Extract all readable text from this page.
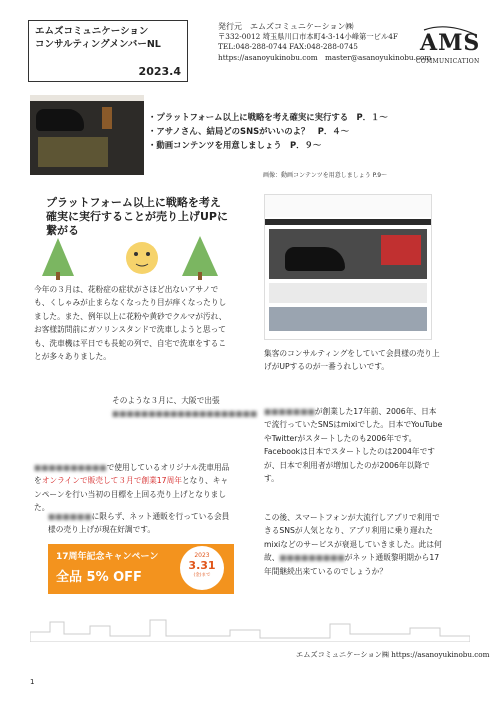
エムズコミュニケーション
コンサルティングメンバーNL
2023.4
発行元　エムズコミュニケーション㈱
〒332-0012 埼玉県川口市本町4-3-14小峰第一ビル4F
TEL:048-288-0744 FAX:048-288-0745
https://asanoyukinobu.com　master@asanoyukinobu.com
AMS
COMMUNICATION
・プラットフォーム以上に戦略を考え確実に実行する　P．１～
・アサノさん、結局どのSNSがいいのよ？　P．４～
・動画コンテンツを用意しましょう　P．９～
画像：動画コンテンツを用意しましょう P.9～
プラットフォーム以上に戦略を考え確実に実行することが売り上げUPに繋がる
今年の３月は、花粉症の症状がさほど出ないアサノでも、くしゃみが止まらなくなったり目が痒くなったりしました。また、例年以上に花粉や黄砂でクルマが汚れ、お客様訪問前にガソリンスタンドで洗車しようと思っても、洗車機は平日でも長蛇の列で、自宅で洗車をすることが多々ありました。
そのような３月に、大阪で出張
■■■■■■■■■■■■■■■■■■■■
■■■■■■■■■■で使用しているオリジナル洗車用品をオンラインで販売して３月で創業17周年となり、キャンペーンを行い当初の目標を上回る売り上げとなりました。
■■■■■■に限らず、ネット通販を行っている会員様の売り上げが現在好調です。
17周年記念キャンペーン
全品 5% OFF
2023
3.31
(金)まで
集客のコンサルティングをしていて会員様の売り上げがUPするのが一番うれしいです。
■■■■■■■が創業した17年前、2006年、日本で流行っていたSNSはmixiでした。日本でYouTubeやTwitterがスタートしたのも2006年です。Facebookは日本でスタートしたのは2004年ですが、日本で利用者が増加したのが2006年以降です。
この後、スマートフォンが大流行しアプリで利用できるSNSが人気となり、アプリ利用に乗り遅れたmixiなどのサービスが衰退していきました。此は何故、■■■■■■■■■がネット通販黎明期から17年間継続出来ているのでしょうか？
エムズコミュニケーション㈱ https://asanoyukinobu.com
1
